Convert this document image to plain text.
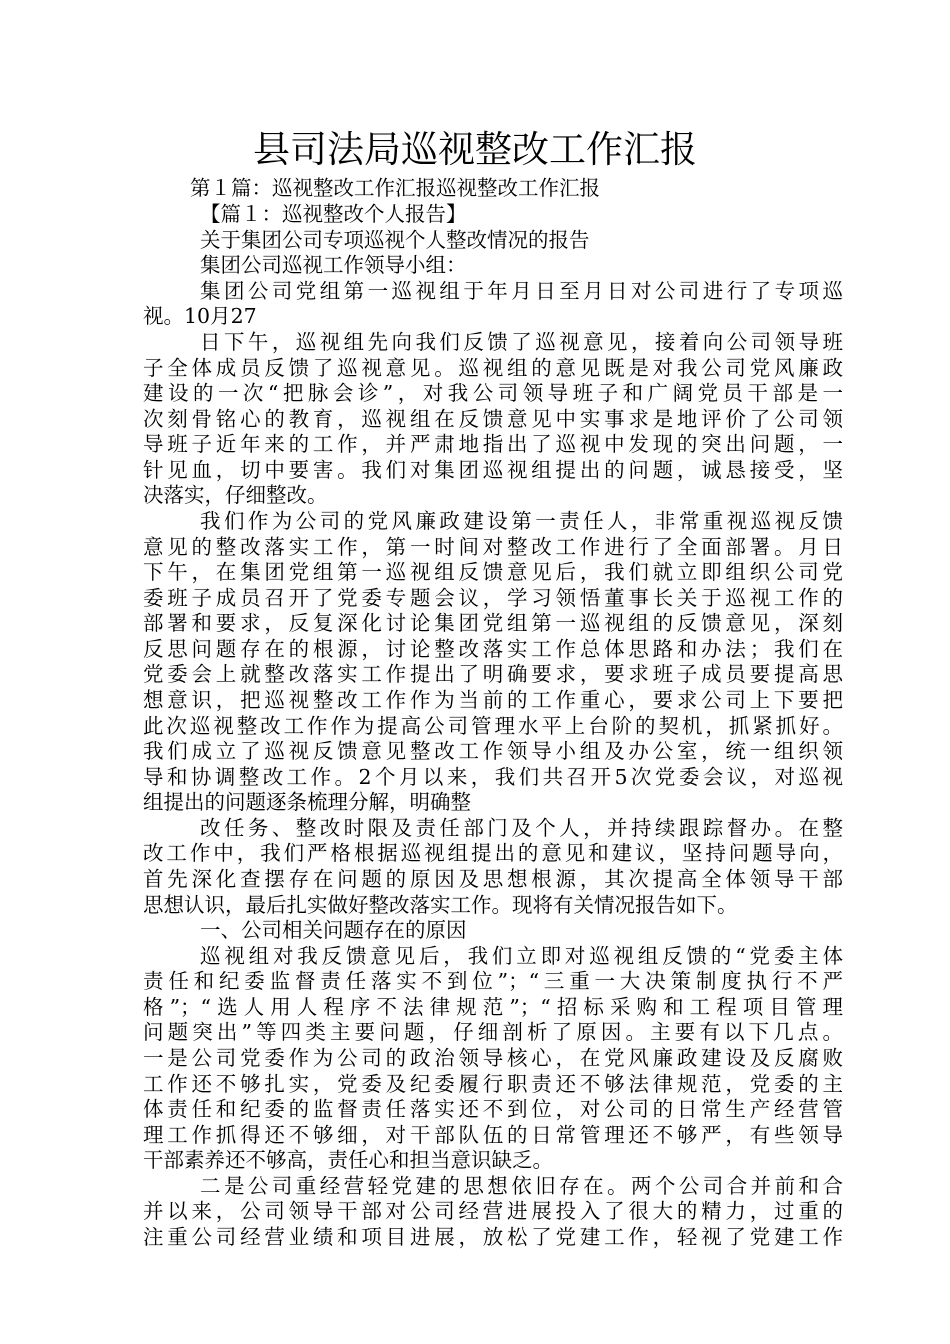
县司法局巡视整改工作汇报
第１篇：巡视整改工作汇报巡视整改工作汇报
【篇１：巡视整改个人报告】
关于集团公司专项巡视个人整改情况的报告
集团公司巡视工作领导小组：
集团公司党组第一巡视组于年月日至月日对公司进行了专项巡
视。10月27
日下午，巡视组先向我们反馈了巡视意见，接着向公司领导班
子全体成员反馈了巡视意见。巡视组的意见既是对我公司党风廉政
建设的一次“把脉会诊”，对我公司领导班子和广阔党员干部是一
次刻骨铭心的教育，巡视组在反馈意见中实事求是地评价了公司领
导班子近年来的工作，并严肃地指出了巡视中发现的突出问题，一
针见血，切中要害。我们对集团巡视组提出的问题，诚恳接受，坚
决落实，仔细整改。
我们作为公司的党风廉政建设第一责任人，非常重视巡视反馈
意见的整改落实工作，第一时间对整改工作进行了全面部署。月日
下午，在集团党组第一巡视组反馈意见后，我们就立即组织公司党
委班子成员召开了党委专题会议，学习领悟董事长关于巡视工作的
部署和要求，反复深化讨论集团党组第一巡视组的反馈意见，深刻
反思问题存在的根源，讨论整改落实工作总体思路和办法；我们在
党委会上就整改落实工作提出了明确要求，要求班子成员要提高思
想意识，把巡视整改工作作为当前的工作重心，要求公司上下要把
此次巡视整改工作作为提高公司管理水平上台阶的契机，抓紧抓好。
我们成立了巡视反馈意见整改工作领导小组及办公室，统一组织领
导和协调整改工作。2个月以来，我们共召开5次党委会议，对巡视
组提出的问题逐条梳理分解，明确整
改任务、整改时限及责任部门及个人，并持续跟踪督办。在整
改工作中，我们严格根据巡视组提出的意见和建议，坚持问题导向，
首先深化查摆存在问题的原因及思想根源，其次提高全体领导干部
思想认识，最后扎实做好整改落实工作。现将有关情况报告如下。
一、公司相关问题存在的原因
巡视组对我反馈意见后，我们立即对巡视组反馈的“党委主体
责任和纪委监督责任落实不到位”；“三重一大决策制度执行不严
格”；“选人用人程序不法律规范”；“招标采购和工程项目管理
问题突出”等四类主要问题，仔细剖析了原因。主要有以下几点。
一是公司党委作为公司的政治领导核心，在党风廉政建设及反腐败
工作还不够扎实，党委及纪委履行职责还不够法律规范，党委的主
体责任和纪委的监督责任落实还不到位，对公司的日常生产经营管
理工作抓得还不够细，对干部队伍的日常管理还不够严，有些领导
干部素养还不够高，责任心和担当意识缺乏。
二是公司重经营轻党建的思想依旧存在。两个公司合并前和合
并以来，公司领导干部对公司经营进展投入了很大的精力，过重的
注重公司经营业绩和项目进展，放松了党建工作，轻视了党建工作
